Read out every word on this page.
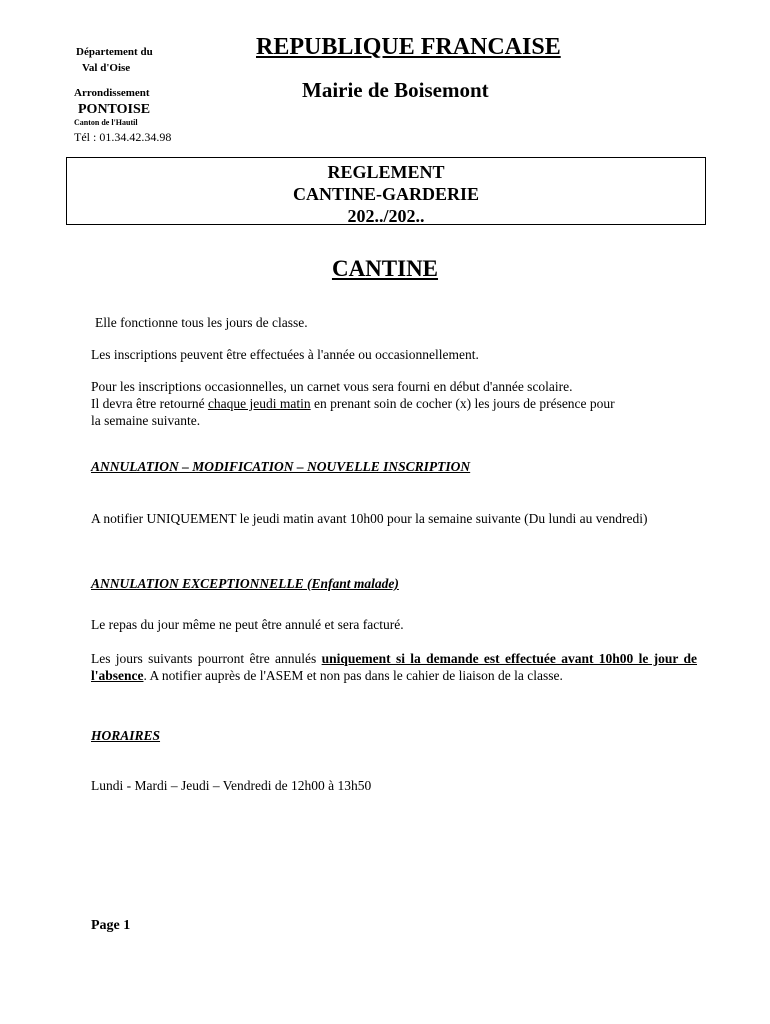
Département du
Val d'Oise
Arrondissement
PONTOISE
Canton de l'Hautil
Tél : 01.34.42.34.98
REPUBLIQUE FRANCAISE
Mairie de Boisemont
REGLEMENT
CANTINE-GARDERIE
202../202..
CANTINE
Elle fonctionne tous les jours de classe.
Les inscriptions peuvent être effectuées à l'année ou occasionnellement.
Pour les inscriptions occasionnelles, un carnet vous sera fourni en début d'année scolaire.
Il devra être retourné chaque jeudi matin en prenant soin de cocher (x) les jours de présence pour
la semaine suivante.
ANNULATION – MODIFICATION – NOUVELLE INSCRIPTION
A notifier UNIQUEMENT le jeudi matin avant 10h00 pour la semaine suivante (Du lundi au vendredi)
ANNULATION EXCEPTIONNELLE (Enfant malade)
Le repas du jour même ne peut être annulé et sera facturé.
Les jours suivants pourront être annulés uniquement si la demande est effectuée avant 10h00 le jour de l'absence. A notifier auprès de l'ASEM et non pas dans le cahier de liaison de la classe.
HORAIRES
Lundi - Mardi – Jeudi – Vendredi de 12h00 à 13h50
Page 1
